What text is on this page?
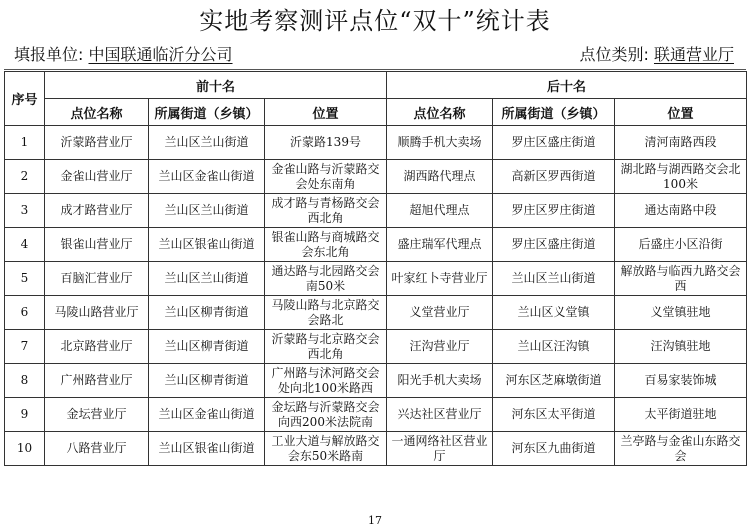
实地考察测评点位“双十”统计表
填报单位: 中国联通临沂分公司	点位类别: 联通营业厅
序号	前十名			后十名		
	点位名称	所属街道（乡镇）	位置	点位名称	所属街道（乡镇）	位置
1	沂蒙路营业厅	兰山区兰山街道	沂蒙路139号	顺腾手机大卖场	罗庄区盛庄街道	清河南路西段
2	金雀山营业厅	兰山区金雀山街道	金雀山路与沂蒙路交会处东南角	湖西路代理点	高新区罗西街道	湖北路与湖西路交会北100米
3	成才路营业厅	兰山区兰山街道	成才路与青杨路交会西北角	超旭代理点	罗庄区罗庄街道	通达南路中段
4	银雀山营业厅	兰山区银雀山街道	银雀山路与商城路交会东北角	盛庄瑞军代理点	罗庄区盛庄街道	后盛庄小区沿街
5	百脑汇营业厅	兰山区兰山街道	通达路与北园路交会南50米	叶家红卜寺营业厅	兰山区兰山街道	解放路与临西九路交会西
6	马陵山路营业厅	兰山区柳青街道	马陵山路与北京路交会路北	义堂营业厅	兰山区义堂镇	义堂镇驻地
7	北京路营业厅	兰山区柳青街道	沂蒙路与北京路交会西北角	汪沟营业厅	兰山区汪沟镇	汪沟镇驻地
8	广州路营业厅	兰山区柳青街道	广州路与沭河路交会处向北100米路西	阳光手机大卖场	河东区芝麻墩街道	百易家装饰城
9	金坛营业厅	兰山区金雀山街道	金坛路与沂蒙路交会向西200米法院南	兴达社区营业厅	河东区太平街道	太平街道驻地
10	八路营业厅	兰山区银雀山街道	工业大道与解放路交会东50米路南	一通网络社区营业厅	河东区九曲街道	兰亭路与金雀山东路交会
17
